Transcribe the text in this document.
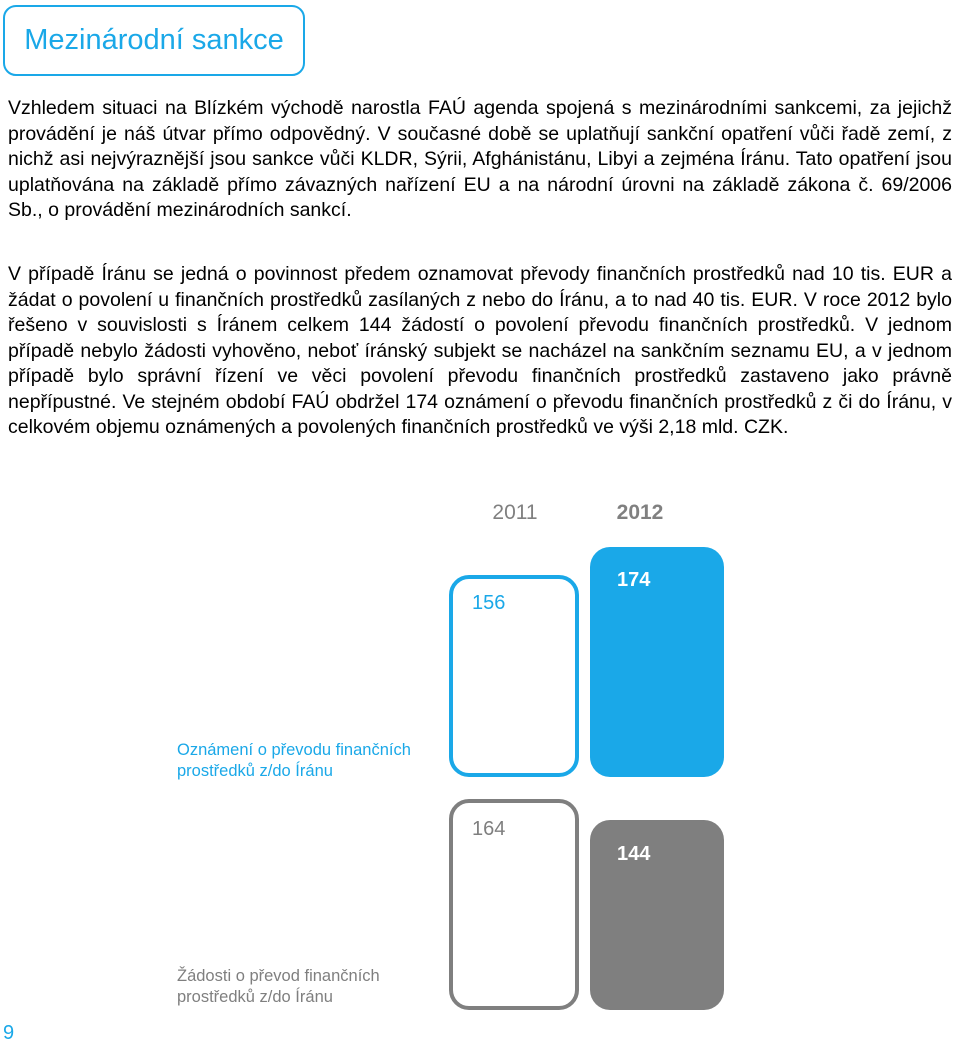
Mezinárodní sankce

Vzhledem situaci na Blízkém východě narostla FAÚ agenda spojená s mezinárodními sankcemi, za jejichž provádění je náš útvar přímo odpovědný. V současné době se uplatňují sankční opatření vůči řadě zemí, z nichž asi nejvýraznější jsou sankce vůči KLDR, Sýrii, Afghánistánu, Libyi a zejména Íránu. Tato opatření jsou uplatňována na základě přímo závazných nařízení EU a na národní úrovni na základě zákona č. 69/2006 Sb., o provádění mezinárodních sankcí.

V případě Íránu se jedná o povinnost předem oznamovat převody finančních prostředků nad 10 tis. EUR a žádat o povolení u finančních prostředků zasílaných z nebo do Íránu, a to nad 40 tis. EUR. V roce 2012 bylo řešeno v souvislosti s Íránem celkem 144 žádostí o povolení převodu finančních prostředků. V jednom případě nebylo žádosti vyhověno, neboť íránský subjekt se nacházel na sankčním seznamu EU, a v jednom případě bylo správní řízení ve věci povolení převodu finančních prostředků zastaveno jako právně nepřípustné. Ve stejném období FAÚ obdržel 174 oznámení o převodu finančních prostředků z či do Íránu, v celkovém objemu oznámených a povolených finančních prostředků ve výši 2,18 mld. CZK.

2011	2012
156
174
164
144
Oznámení o převodu finančních prostředků z/do Íránu
Žádosti o převod finančních prostředků z/do Íránu
9
